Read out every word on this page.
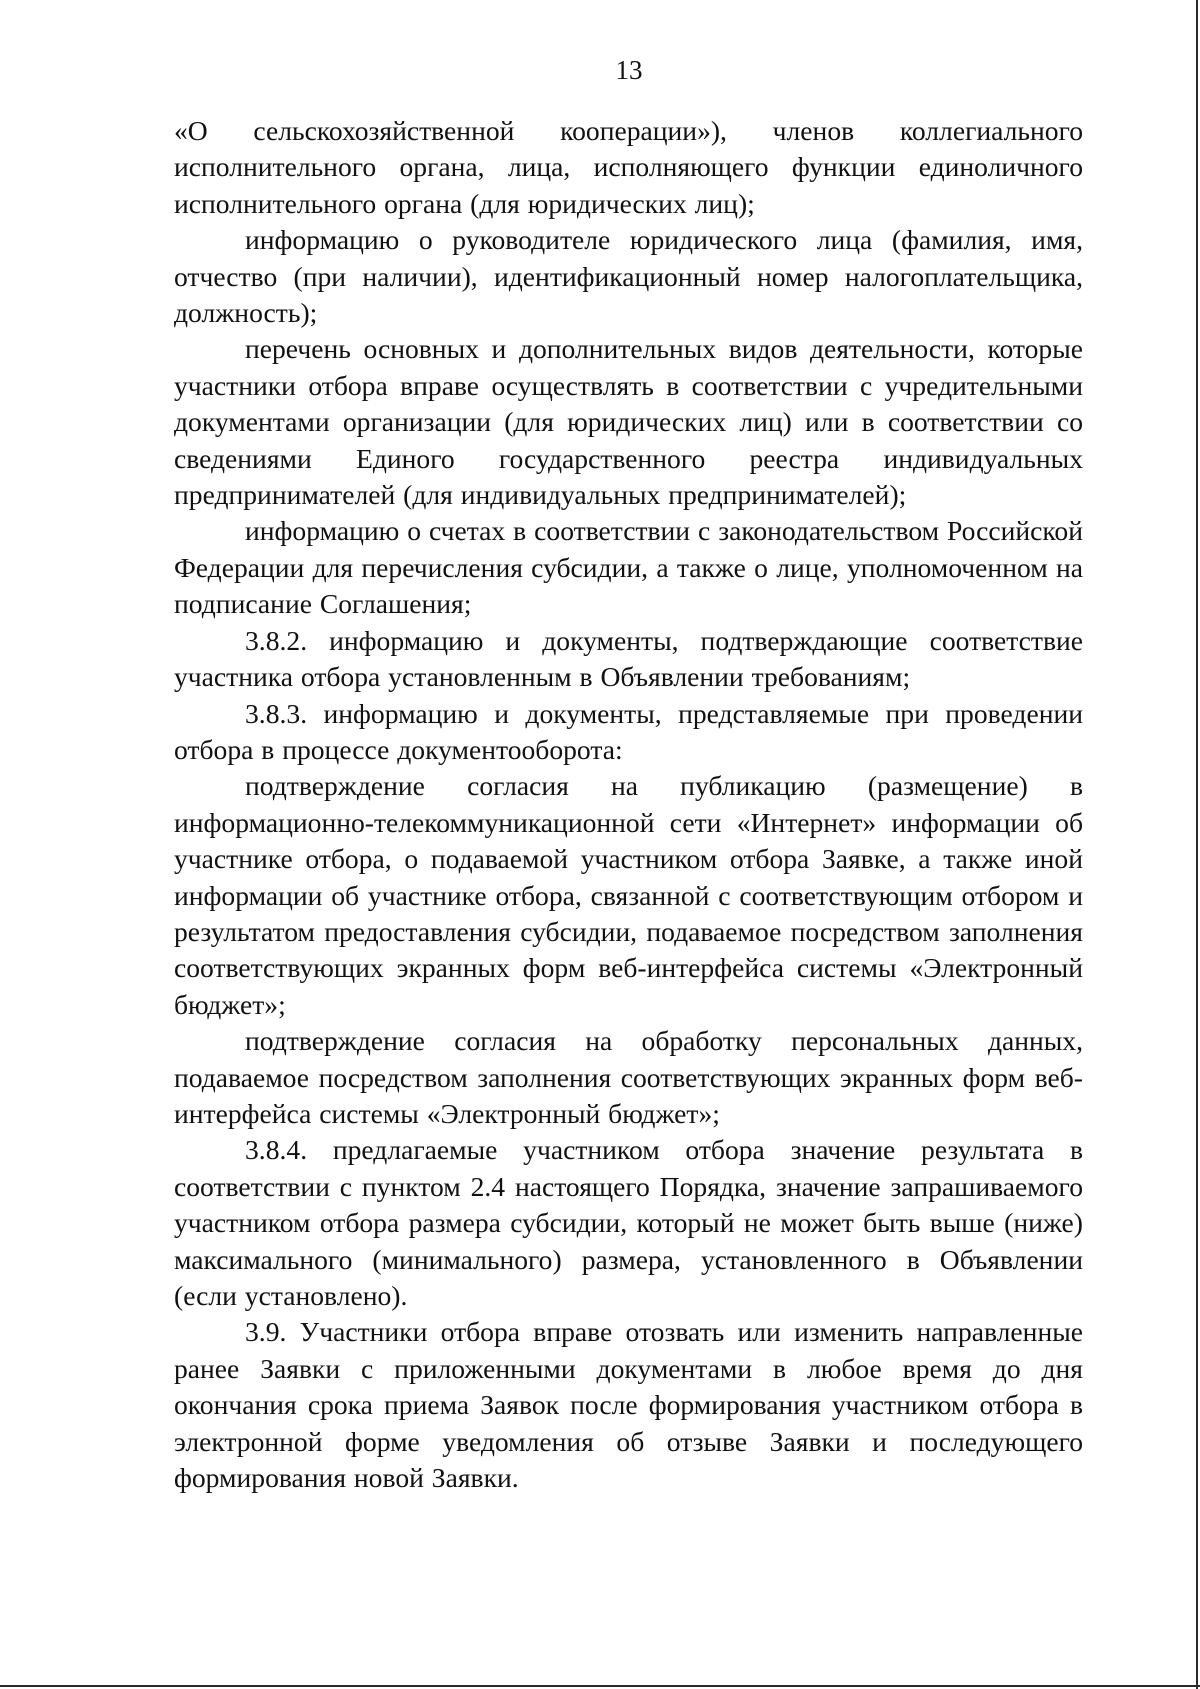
13

«О сельскохозяйственной кооперации»), членов коллегиального исполнительного органа, лица, исполняющего функции единоличного исполнительного органа (для юридических лиц);

информацию о руководителе юридического лица (фамилия, имя, отчество (при наличии), идентификационный номер налогоплательщика, должность);

перечень основных и дополнительных видов деятельности, которые участники отбора вправе осуществлять в соответствии с учредительными документами организации (для юридических лиц) или в соответствии со сведениями Единого государственного реестра индивидуальных предпринимателей (для индивидуальных предпринимателей);

информацию о счетах в соответствии с законодательством Российской Федерации для перечисления субсидии, а также о лице, уполномоченном на подписание Соглашения;

3.8.2. информацию и документы, подтверждающие соответствие участника отбора установленным в Объявлении требованиям;

3.8.3. информацию и документы, представляемые при проведении отбора в процессе документооборота:

подтверждение согласия на публикацию (размещение) в информационно-телекоммуникационной сети «Интернет» информации об участнике отбора, о подаваемой участником отбора Заявке, а также иной информации об участнике отбора, связанной с соответствующим отбором и результатом предоставления субсидии, подаваемое посредством заполнения соответствующих экранных форм веб-интерфейса системы «Электронный бюджет»;

подтверждение согласия на обработку персональных данных, подаваемое посредством заполнения соответствующих экранных форм веб-интерфейса системы «Электронный бюджет»;

3.8.4. предлагаемые участником отбора значение результата в соответствии с пунктом 2.4 настоящего Порядка, значение запрашиваемого участником отбора размера субсидии, который не может быть выше (ниже) максимального (минимального) размера, установленного в Объявлении (если установлено).

3.9. Участники отбора вправе отозвать или изменить направленные ранее Заявки с приложенными документами в любое время до дня окончания срока приема Заявок после формирования участником отбора в электронной форме уведомления об отзыве Заявки и последующего формирования новой Заявки.
